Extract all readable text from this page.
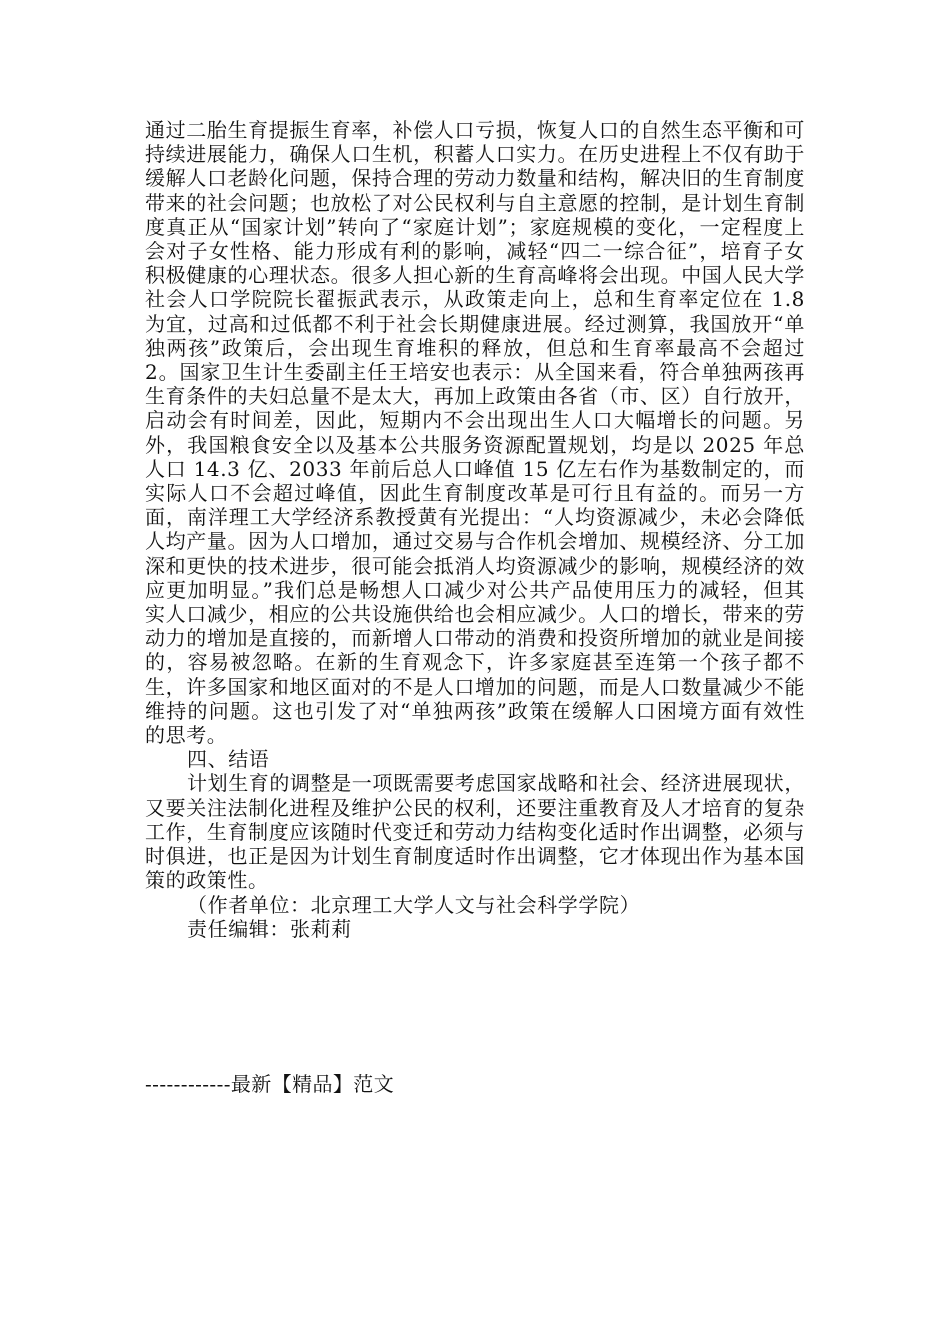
通过二胎生育提振生育率，补偿人口亏损，恢复人口的自然生态平衡和可持续进展能力，确保人口生机，积蓄人口实力。在历史进程上不仅有助于缓解人口老龄化问题，保持合理的劳动力数量和结构，解决旧的生育制度带来的社会问题；也放松了对公民权利与自主意愿的控制，是计划生育制度真正从“国家计划”转向了“家庭计划”；家庭规模的变化，一定程度上会对子女性格、能力形成有利的影响，减轻“四二一综合征”，培育子女积极健康的心理状态。很多人担心新的生育高峰将会出现。中国人民大学社会人口学院院长翟振武表示，从政策走向上，总和生育率定位在 1.8 为宜，过高和过低都不利于社会长期健康进展。经过测算，我国放开“单独两孩”政策后，会出现生育堆积的释放，但总和生育率最高不会超过 2。国家卫生计生委副主任王培安也表示：从全国来看，符合单独两孩再生育条件的夫妇总量不是太大，再加上政策由各省（市、区）自行放开，启动会有时间差，因此，短期内不会出现出生人口大幅增长的问题。另外，我国粮食安全以及基本公共服务资源配置规划，均是以 2025 年总人口 14.3 亿、2033 年前后总人口峰值 15 亿左右作为基数制定的，而实际人口不会超过峰值，因此生育制度改革是可行且有益的。而另一方面，南洋理工大学经济系教授黄有光提出：“人均资源减少，未必会降低人均产量。因为人口增加，通过交易与合作机会增加、规模经济、分工加深和更快的技术进步，很可能会抵消人均资源减少的影响，规模经济的效应更加明显。”我们总是畅想人口减少对公共产品使用压力的减轻，但其实人口减少，相应的公共设施供给也会相应减少。人口的增长，带来的劳动力的增加是直接的，而新增人口带动的消费和投资所增加的就业是间接的，容易被忽略。在新的生育观念下，许多家庭甚至连第一个孩子都不生，许多国家和地区面对的不是人口增加的问题，而是人口数量减少不能维持的问题。这也引发了对“单独两孩”政策在缓解人口困境方面有效性的思考。

四、结语

计划生育的调整是一项既需要考虑国家战略和社会、经济进展现状，又要关注法制化进程及维护公民的权利，还要注重教育及人才培育的复杂工作，生育制度应该随时代变迁和劳动力结构变化适时作出调整，必须与时俱进，也正是因为计划生育制度适时作出调整，它才体现出作为基本国策的政策性。

（作者单位：北京理工大学人文与社会科学学院）

责任编辑：张莉莉

------------最新【精品】范文
